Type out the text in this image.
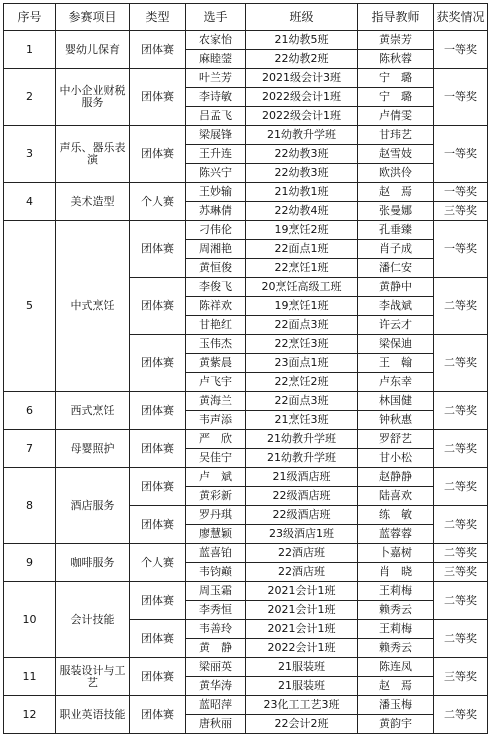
序号	参赛项目	类型	选手	班级	指导教师	获奖情况
1	婴幼儿保育	团体赛	农家怡	21幼教5班	黄崇芳	一等奖
			麻睦蓥	22幼教2班	陈秋蓉	
2	中小企业财税服务	团体赛	叶兰芳	2021级会计3班	宁　璐	一等奖
			李诗敏	2022级会计1班	宁　璐	
			吕孟飞	2022级会计1班	卢倩雯	
3	声乐、器乐表演	团体赛	梁展锋	21幼教升学班	甘玮艺	一等奖
			王升连	22幼教3班	赵雪妓	
			陈兴宁	22幼教3班	欧洪伶	
4	美术造型	个人赛	王妙输	21幼教1班	赵　焉	一等奖
			苏琳倩	22幼教4班	张曼娜	三等奖
5	中式烹饪	团体赛	刁伟伦	19烹饪2班	孔垂臻	一等奖
			周湘艳	22面点1班	肖子成	
			黄恒俊	22烹饪1班	潘仁安	
		团体赛	李俊飞	20烹饪高级工班	黄静中	二等奖
			陈祥欢	19烹饪1班	李战斌	
			甘艳红	22面点3班	许云才	
		团体赛	玉伟杰	22烹饪3班	梁保迪	二等奖
			黄紫晨	23面点1班	王　翰	
			卢飞宇	22烹饪2班	卢东幸	
6	西式烹饪	团体赛	黄海兰	22面点3班	林国健	二等奖
			韦声添	21烹饪3班	钟秋惠	
7	母婴照护	团体赛	严　欣	21幼教升学班	罗舒艺	二等奖
			吴佳宁	21幼教升学班	甘小松	
8	酒店服务	团体赛	卢　斌	21级酒店班	赵静静	二等奖
			黄彩新	22级酒店班	陆喜欢	
		团体赛	罗丹琪	22级酒店班	练　敏	二等奖
			廖慧颖	23级酒店1班	蓝蓉蓉	
9	咖啡服务	个人赛	蓝喜铂	22酒店班	卜嘉树	二等奖
			韦钧巅	22酒店班	肖　晓	三等奖
10	会计技能	团体赛	周玉霜	2021会计1班	王莉梅	二等奖
			李秀恒	2021会计1班	赖秀云	
		团体赛	韦善玲	2021会计1班	王莉梅	二等奖
			黄　静	2022会计1班	赖秀云	
11	服装设计与工艺	团体赛	梁丽英	21服装班	陈连凤	三等奖
			黄华涛	21服装班	赵　焉	
12	职业英语技能	团体赛	蓝昭萍	23化工工艺3班	潘玉梅	二等奖
			唐秋丽	22会计2班	黄韵宇	
